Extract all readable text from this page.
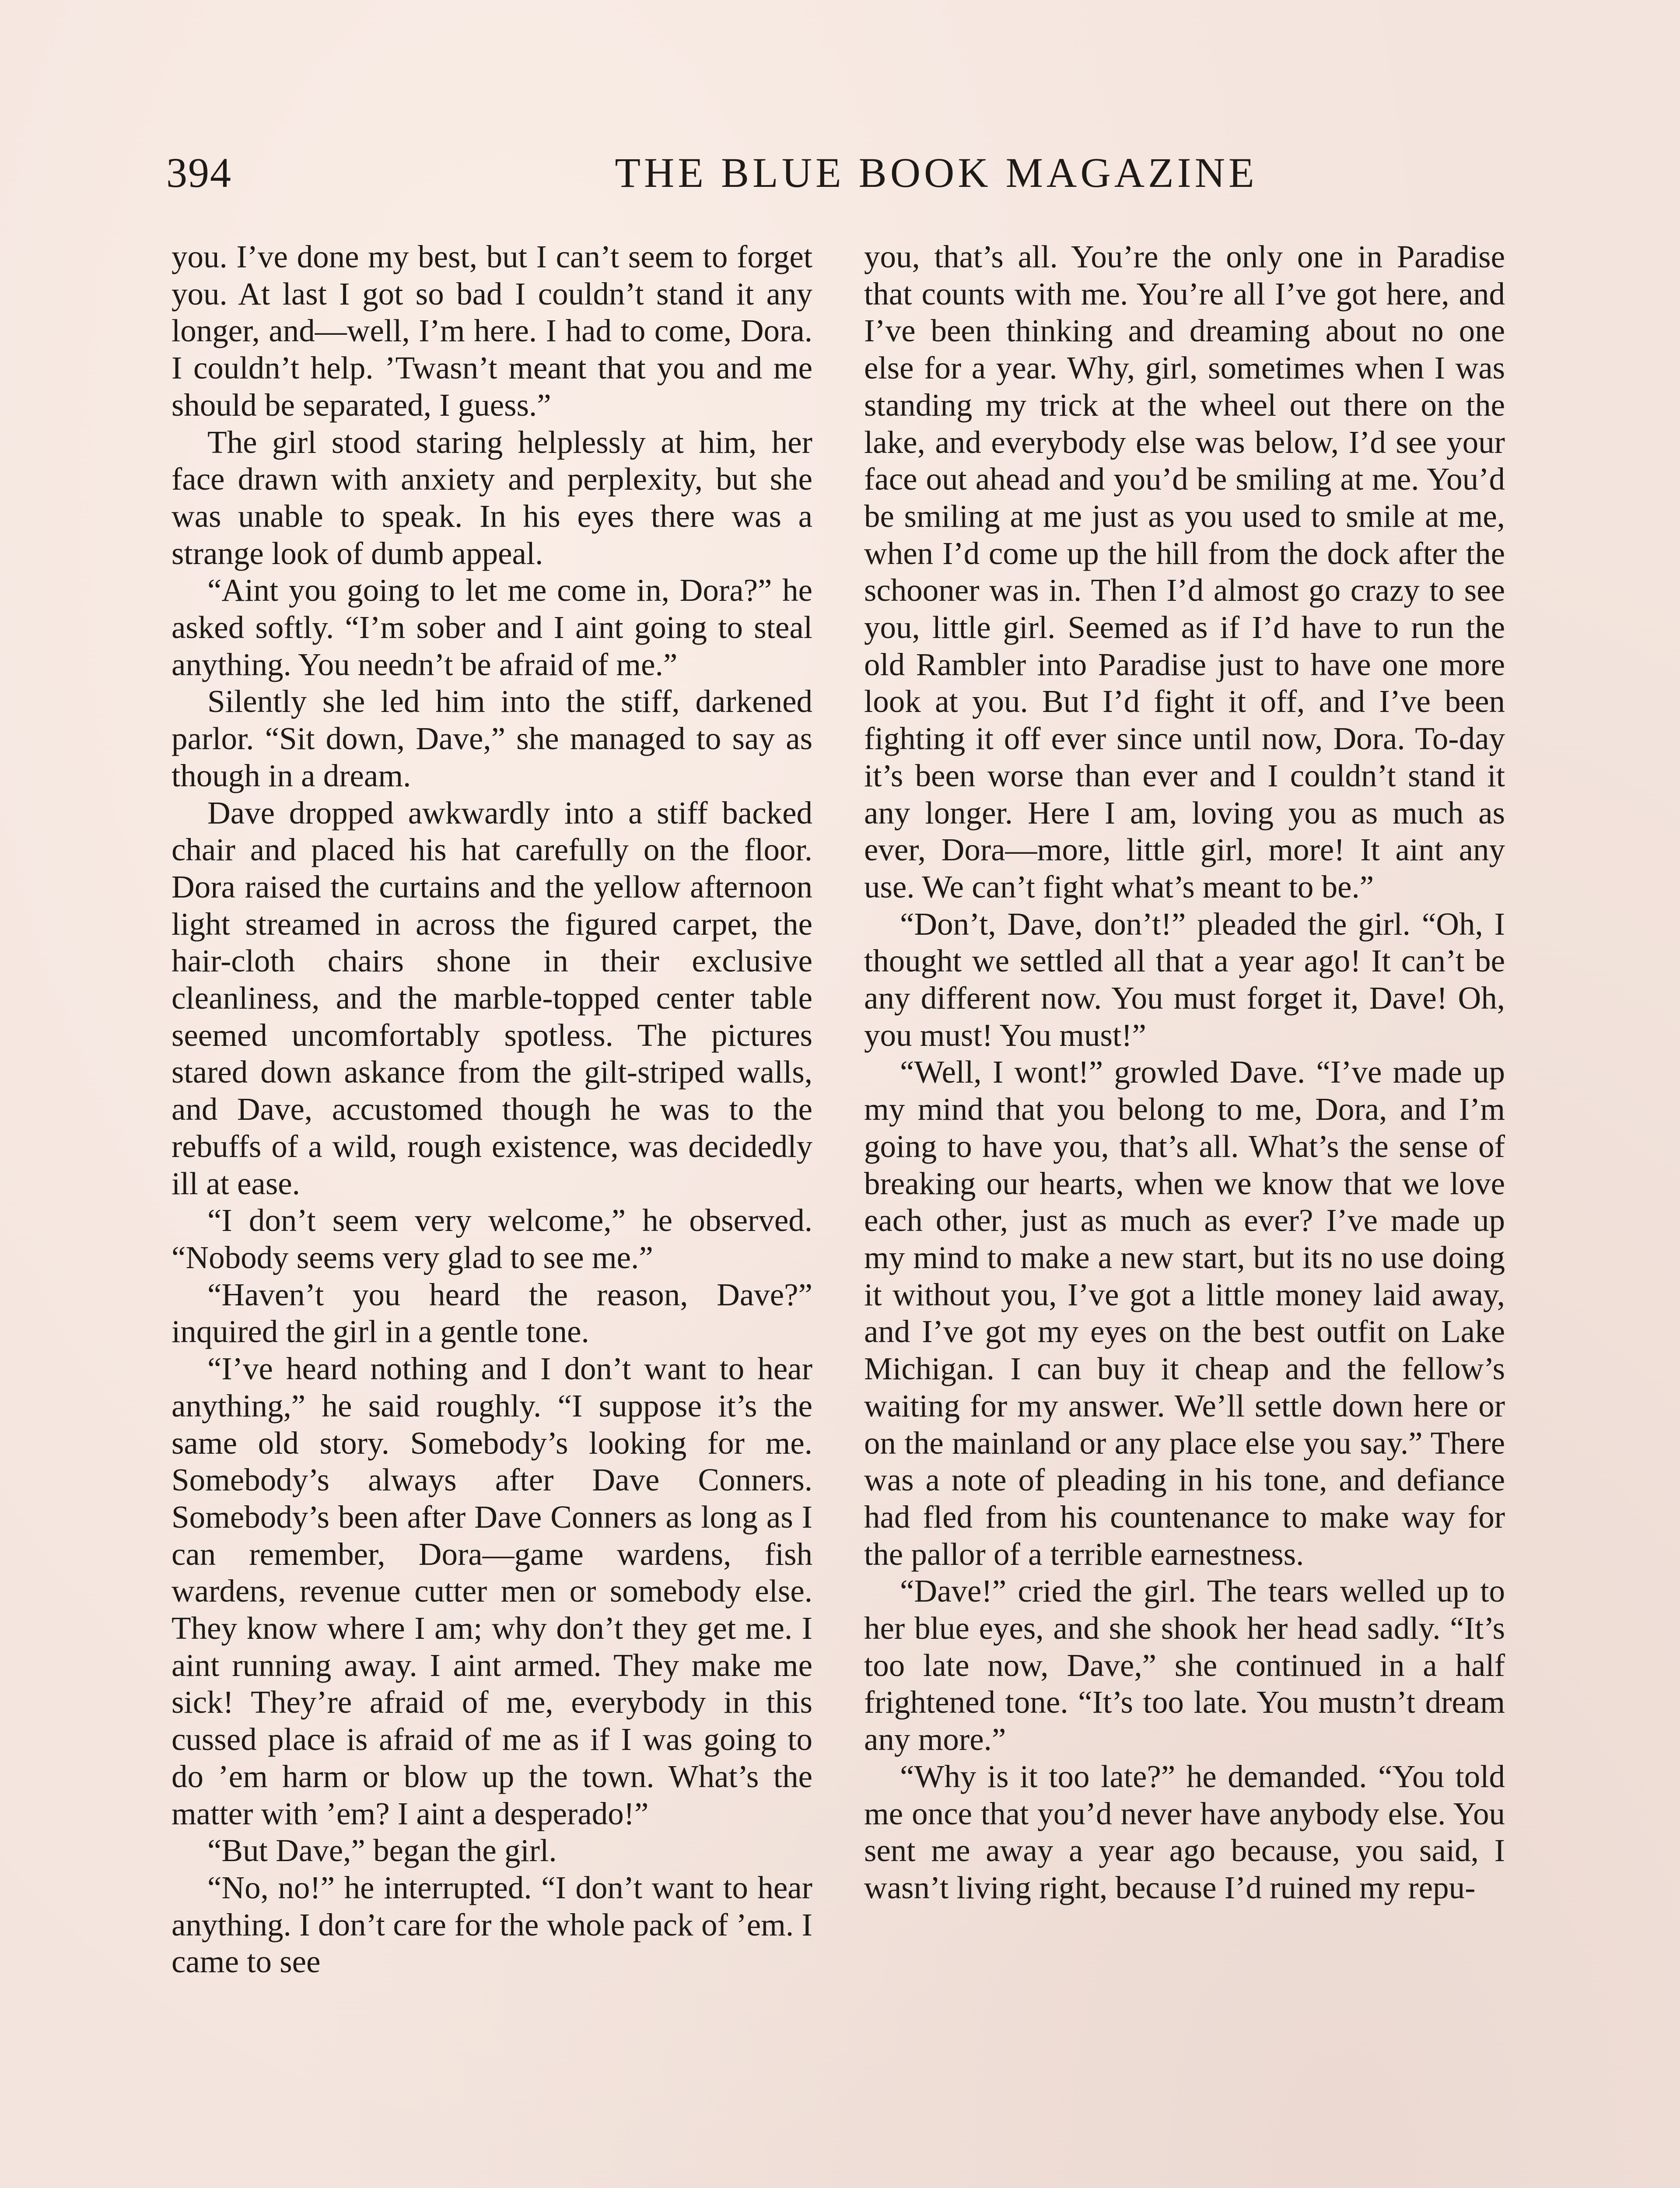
394	THE BLUE BOOK MAGAZINE

you. I’ve done my best, but I can’t seem to forget you. At last I got so bad I couldn’t stand it any longer, and—well, I’m here. I had to come, Dora. I couldn’t help. ’Twasn’t meant that you and me should be separated, I guess.”

The girl stood staring helplessly at him, her face drawn with anxiety and perplexity, but she was unable to speak. In his eyes there was a strange look of dumb appeal.

“Aint you going to let me come in, Dora?” he asked softly. “I’m sober and I aint going to steal anything. You needn’t be afraid of me.”

Silently she led him into the stiff, darkened parlor. “Sit down, Dave,” she managed to say as though in a dream.

Dave dropped awkwardly into a stiff backed chair and placed his hat carefully on the floor. Dora raised the curtains and the yellow afternoon light streamed in across the figured carpet, the hair-cloth chairs shone in their exclusive cleanliness, and the marble-topped center table seemed uncomfortably spotless. The pictures stared down askance from the gilt-striped walls, and Dave, accustomed though he was to the rebuffs of a wild, rough existence, was decidedly ill at ease.

“I don’t seem very welcome,” he observed. “Nobody seems very glad to see me.”

“Haven’t you heard the reason, Dave?” inquired the girl in a gentle tone.

“I’ve heard nothing and I don’t want to hear anything,” he said roughly. “I suppose it’s the same old story. Somebody’s looking for me. Somebody’s always after Dave Conners. Somebody’s been after Dave Conners as long as I can remember, Dora—game wardens, fish wardens, revenue cutter men or somebody else. They know where I am; why don’t they get me. I aint running away. I aint armed. They make me sick! They’re afraid of me, everybody in this cussed place is afraid of me as if I was going to do ’em harm or blow up the town. What’s the matter with ’em? I aint a desperado!”

“But Dave,” began the girl.

“No, no!” he interrupted. “I don’t want to hear anything. I don’t care for the whole pack of ’em. I came to see

you, that’s all. You’re the only one in Paradise that counts with me. You’re all I’ve got here, and I’ve been thinking and dreaming about no one else for a year. Why, girl, sometimes when I was standing my trick at the wheel out there on the lake, and everybody else was below, I’d see your face out ahead and you’d be smiling at me. You’d be smiling at me just as you used to smile at me, when I’d come up the hill from the dock after the schooner was in. Then I’d almost go crazy to see you, little girl. Seemed as if I’d have to run the old Rambler into Paradise just to have one more look at you. But I’d fight it off, and I’ve been fighting it off ever since until now, Dora. To-day it’s been worse than ever and I couldn’t stand it any longer. Here I am, loving you as much as ever, Dora—more, little girl, more! It aint any use. We can’t fight what’s meant to be.”

“Don’t, Dave, don’t!” pleaded the girl. “Oh, I thought we settled all that a year ago! It can’t be any different now. You must forget it, Dave! Oh, you must! You must!”

“Well, I wont!” growled Dave. “I’ve made up my mind that you belong to me, Dora, and I’m going to have you, that’s all. What’s the sense of breaking our hearts, when we know that we love each other, just as much as ever? I’ve made up my mind to make a new start, but its no use doing it without you, I’ve got a little money laid away, and I’ve got my eyes on the best outfit on Lake Michigan. I can buy it cheap and the fellow’s waiting for my answer. We’ll settle down here or on the mainland or any place else you say.” There was a note of pleading in his tone, and defiance had fled from his countenance to make way for the pallor of a terrible earnestness.

“Dave!” cried the girl. The tears welled up to her blue eyes, and she shook her head sadly. “It’s too late now, Dave,” she continued in a half frightened tone. “It’s too late. You mustn’t dream any more.”

“Why is it too late?” he demanded. “You told me once that you’d never have anybody else. You sent me away a year ago because, you said, I wasn’t living right, because I’d ruined my repu-
